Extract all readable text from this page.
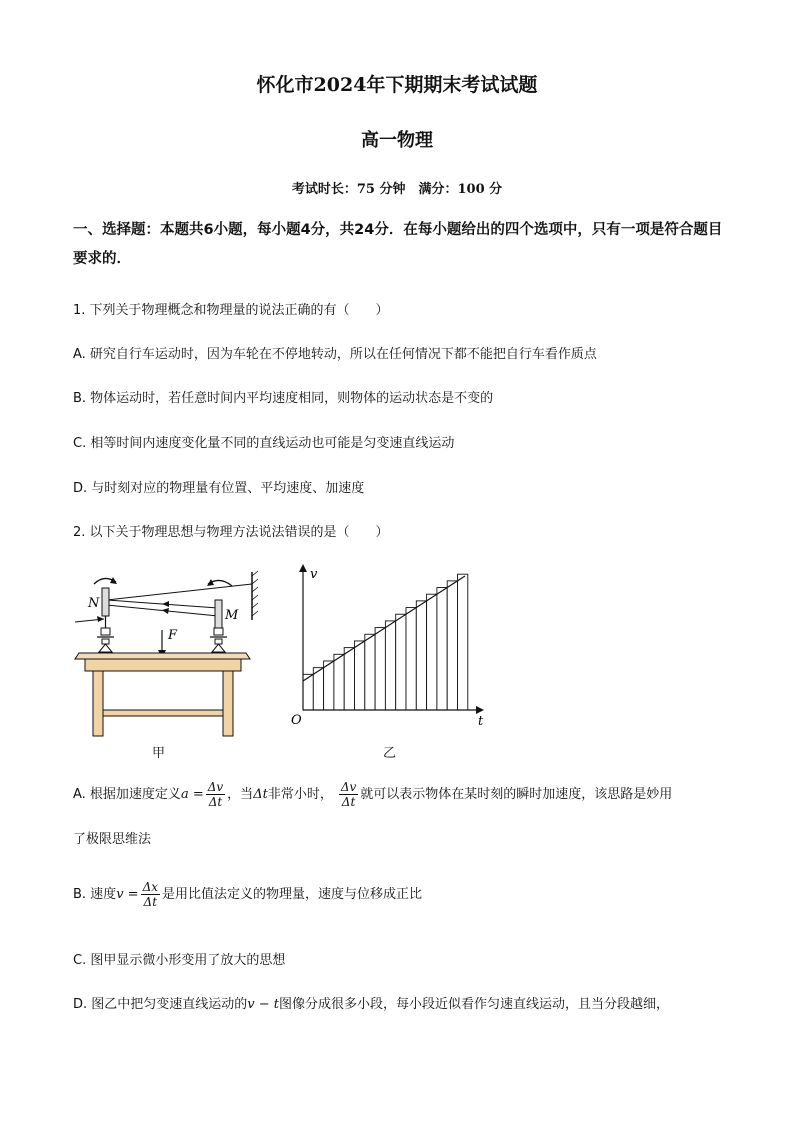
怀化市2024年下期期末考试试题
高一物理
考试时长：75 分钟　满分：100 分
一、选择题：本题共6小题，每小题4分，共24分．在每小题给出的四个选项中，只有一项是符合题目要求的．
1. 下列关于物理概念和物理量的说法正确的有（　　）
A. 研究自行车运动时，因为车轮在不停地转动，所以在任何情况下都不能把自行车看作质点
B. 物体运动时，若任意时间内平均速度相同，则物体的运动状态是不变的
C. 相等时间内速度变化量不同的直线运动也可能是匀变速直线运动
D. 与时刻对应的物理量有位置、平均速度、加速度
2. 以下关于物理思想与物理方法说法错误的是（　　）
N
M
F
甲
v
t
O
乙
A. 根据加速度定义$a = \frac{\Delta v}{\Delta t}$ ，当Δt非常小时， $\frac{\Delta v}{\Delta t}$ 就可以表示物体在某时刻的瞬时加速度，该思路是妙用
了极限思维法
B. 速度$v = \frac{\Delta x}{\Delta t}$ 是用比值法定义的物理量，速度与位移成正比
C. 图甲显示微小形变用了放大的思想
D. 图乙中把匀变速直线运动的v − t图像分成很多小段，每小段近似看作匀速直线运动，且当分段越细，
